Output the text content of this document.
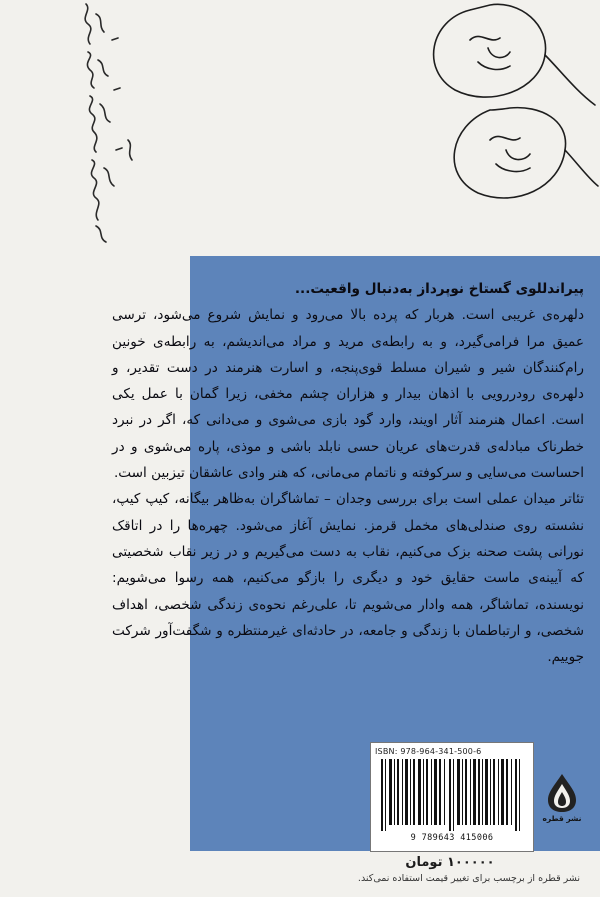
پیراندللوی گستاخ نوپرداز به‌دنبال واقعیت...

دلهره‌ی غریبی است. هربار که پرده بالا می‌رود و نمایش شروع می‌شود، ترسی عمیق مرا فرامی‌گیرد، و به رابطه‌ی مرید و مراد می‌اندیشم، به رابطه‌ی خونین رام‌کنندگان شیر و شیران مسلط قوی‌پنجه، و اسارت هنرمند در دست تقدیر، و دلهره‌ی رودررویی با اذهان بیدار و هزاران چشم مخفی، زیرا گمان با عمل یکی است. اعمال هنرمند آثار اویند، وارد گود بازی می‌شوی و می‌دانی که، اگر در نبرد خطرناک مبادله‌ی قدرت‌های عریان حسی نابلد باشی و موذی، پاره می‌شوی و در احساست می‌سایی و سرکوفته و ناتمام می‌مانی، که هنر وادی عاشقان تیزبین است.

تئاتر میدان عملی است برای بررسی وجدان – تماشاگران به‌ظاهر بیگانه، کیپ کیپ، نشسته روی صندلی‌های مخمل قرمز. نمایش آغاز می‌شود. چهره‌ها را در اتاقک نورانی پشت صحنه بزک می‌کنیم، نقاب به دست می‌گیریم و در زیر نقاب شخصیتی که آیینه‌ی ماست حقایق خود و دیگری را بازگو می‌کنیم، همه رسوا می‌شویم: نویسنده، تماشاگر، همه وادار می‌شویم تا، علی‌رغم نحوه‌ی زندگی شخصی، اهداف شخصی، و ارتباطمان با زندگی و جامعه، در حادثه‌ای غیرمنتظره و شگفت‌آور شرکت جوییم.

ISBN: 978-964-341-500-6
9 789643 415006
نشر قطره
۱۰۰۰۰۰ تومان
نشر قطره از برچسب برای تغییر قیمت استفاده نمی‌کند.
